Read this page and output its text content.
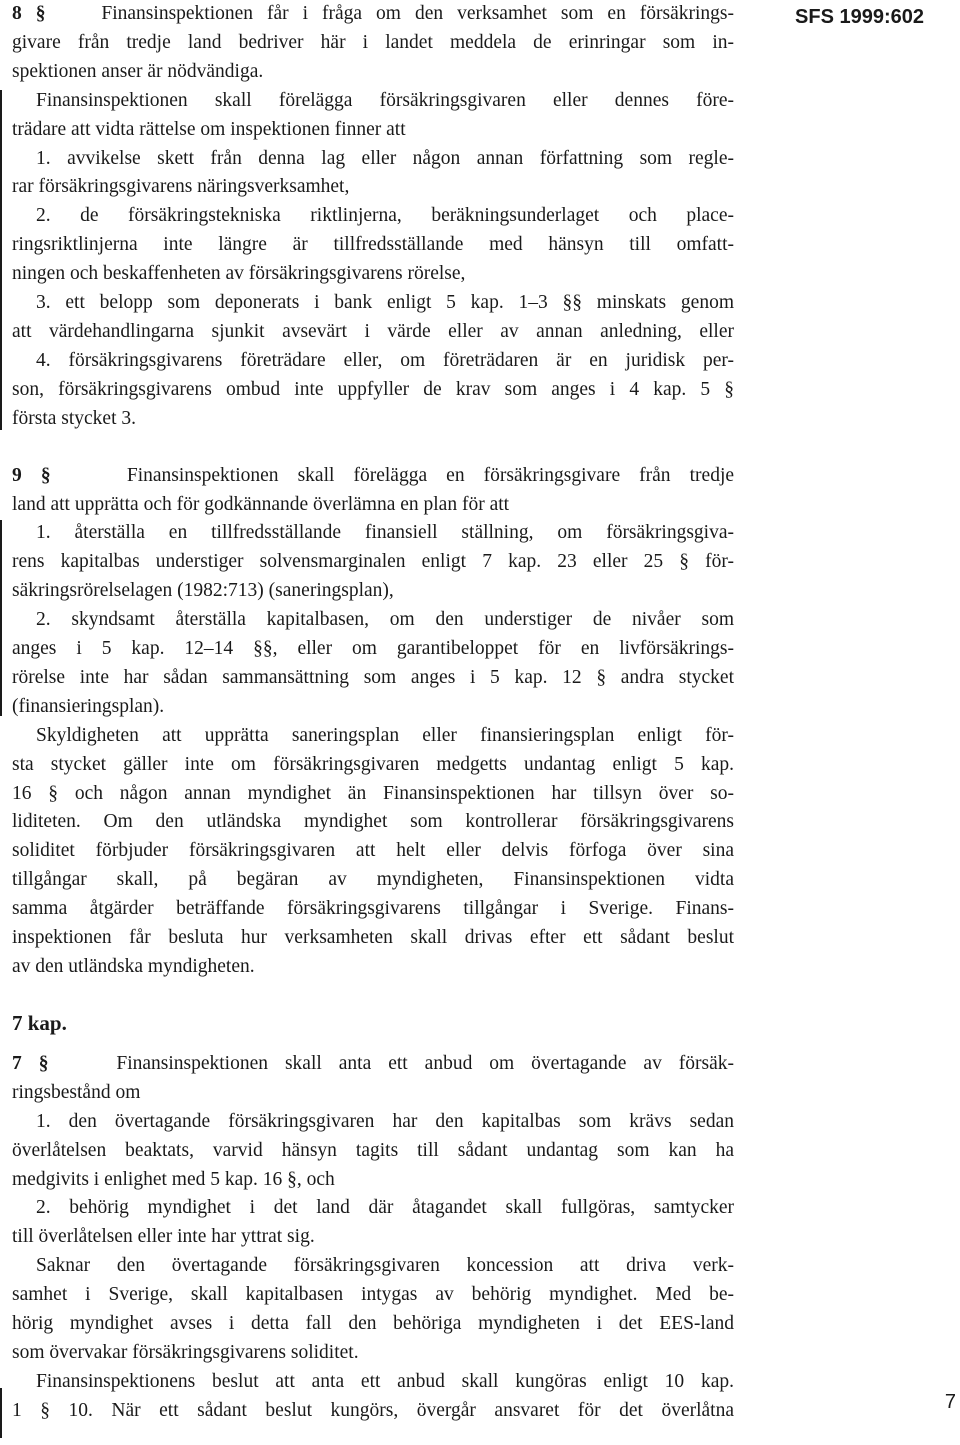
SFS 1999:602
8 §	Finansinspektionen får i fråga om den verksamhet som en försäkrings-
givare från tredje land bedriver här i landet meddela de erinringar som in-
spektionen anser är nödvändiga.
Finansinspektionen skall förelägga försäkringsgivaren eller dennes före-
trädare att vidta rättelse om inspektionen finner att
1. avvikelse skett från denna lag eller någon annan författning som regle-
rar försäkringsgivarens näringsverksamhet,
2. de försäkringstekniska riktlinjerna, beräkningsunderlaget och place-
ringsriktlinjerna inte längre är tillfredsställande med hänsyn till omfatt-
ningen och beskaffenheten av försäkringsgivarens rörelse,
3. ett belopp som deponerats i bank enligt 5 kap. 1–3 §§ minskats genom
att värdehandlingarna sjunkit avsevärt i värde eller av annan anledning, eller
4. försäkringsgivarens företrädare eller, om företrädaren är en juridisk per-
son, försäkringsgivarens ombud inte uppfyller de krav som anges i 4 kap. 5 §
första stycket 3.
9 §	Finansinspektionen skall förelägga en försäkringsgivare från tredje
land att upprätta och för godkännande överlämna en plan för att
1. återställa en tillfredsställande finansiell ställning, om försäkringsgiva-
rens kapitalbas understiger solvensmarginalen enligt 7 kap. 23 eller 25 § för-
säkringsrörelselagen (1982:713) (saneringsplan),
2. skyndsamt återställa kapitalbasen, om den understiger de nivåer som
anges i 5 kap. 12–14 §§, eller om garantibeloppet för en livförsäkrings-
rörelse inte har sådan sammansättning som anges i 5 kap. 12 § andra stycket
(finansieringsplan).
Skyldigheten att upprätta saneringsplan eller finansieringsplan enligt för-
sta stycket gäller inte om försäkringsgivaren medgetts undantag enligt 5 kap.
16 § och någon annan myndighet än Finansinspektionen har tillsyn över so-
liditeten. Om den utländska myndighet som kontrollerar försäkringsgivarens
soliditet förbjuder försäkringsgivaren att helt eller delvis förfoga över sina
tillgångar skall, på begäran av myndigheten, Finansinspektionen vidta
samma åtgärder beträffande försäkringsgivarens tillgångar i Sverige. Finans-
inspektionen får besluta hur verksamheten skall drivas efter ett sådant beslut
av den utländska myndigheten.
7 kap.
7 §	Finansinspektionen skall anta ett anbud om övertagande av försäk-
ringsbestånd om
1. den övertagande försäkringsgivaren har den kapitalbas som krävs sedan
överlåtelsen beaktats, varvid hänsyn tagits till sådant undantag som kan ha
medgivits i enlighet med 5 kap. 16 §, och
2. behörig myndighet i det land där åtagandet skall fullgöras, samtycker
till överlåtelsen eller inte har yttrat sig.
Saknar den övertagande försäkringsgivaren koncession att driva verk-
samhet i Sverige, skall kapitalbasen intygas av behörig myndighet. Med be-
hörig myndighet avses i detta fall den behöriga myndigheten i det EES-land
som övervakar försäkringsgivarens soliditet.
Finansinspektionens beslut att anta ett anbud skall kungöras enligt 10 kap.
1 § 10. När ett sådant beslut kungörs, övergår ansvaret för det överlåtna	7
